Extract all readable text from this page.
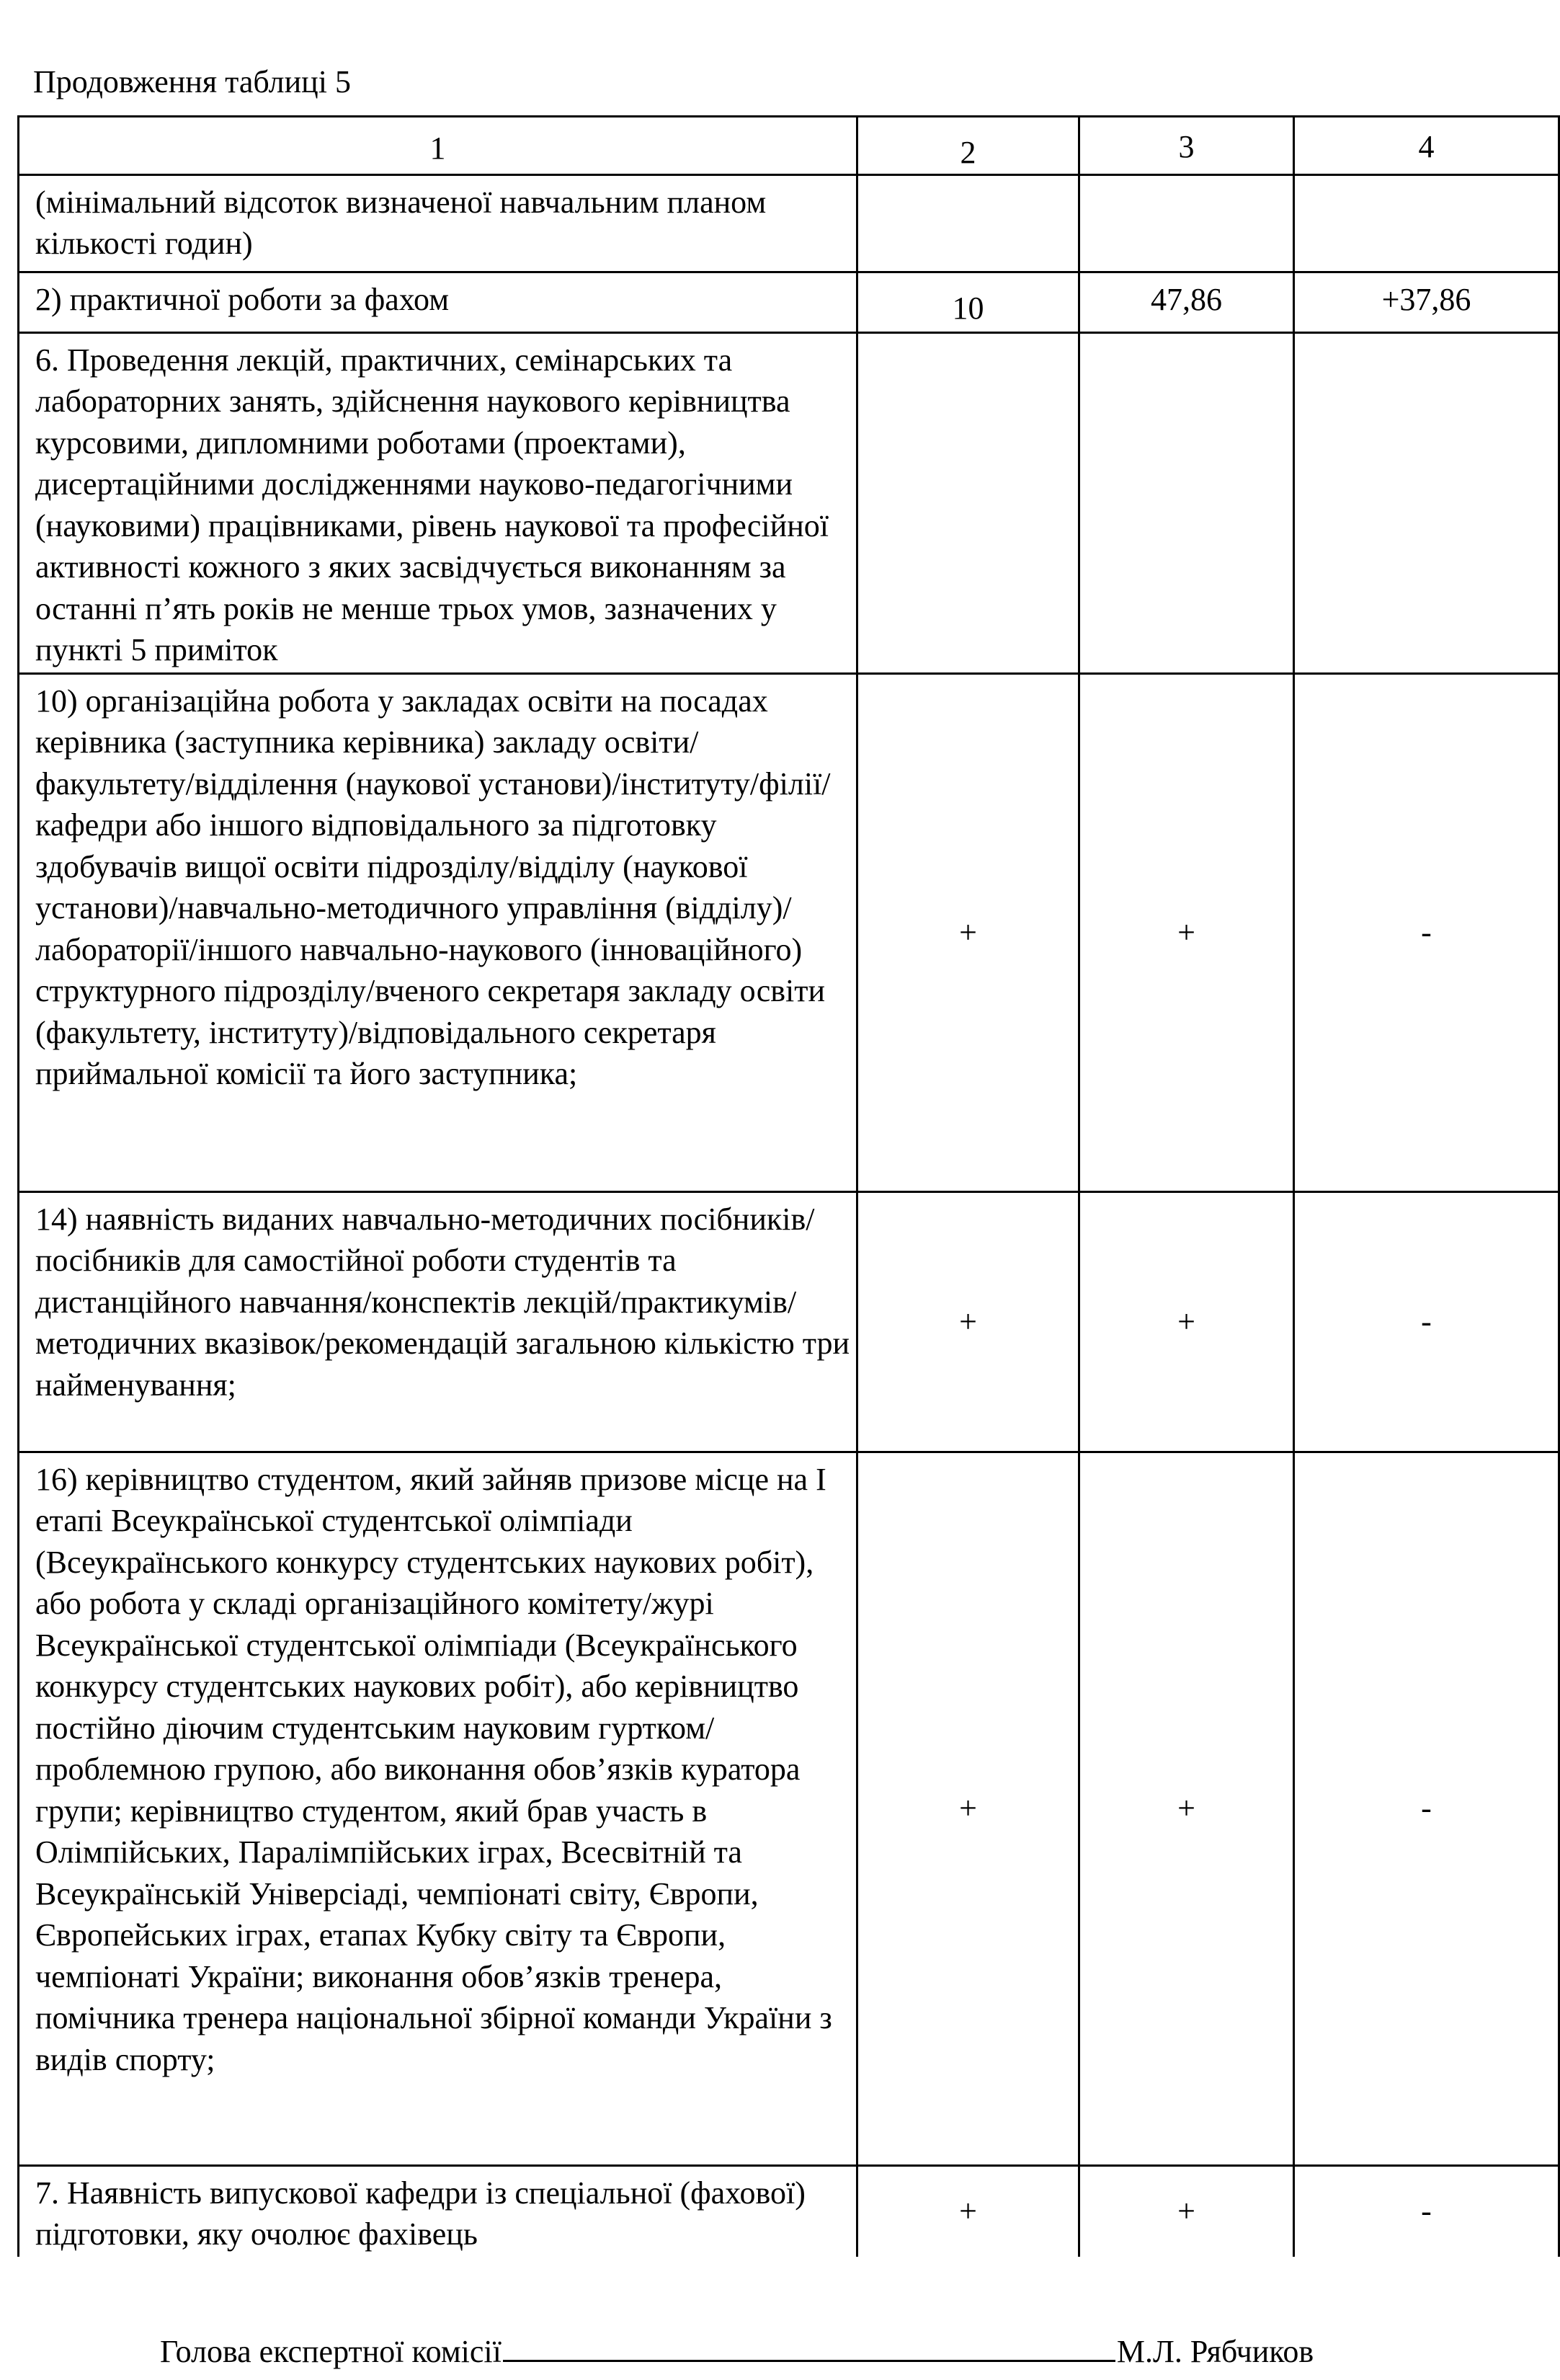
Продовження таблиці 5
1	2	3	4
(мінімальний відсоток визначеної навчальним планом кількості годин)			
2) практичної роботи за фахом	10	47,86	+37,86
6. Проведення лекцій, практичних, семінарських та лабораторних занять, здійснення наукового керівництва курсовими, дипломними роботами (проектами), дисертаційними дослідженнями науково-педагогічними (науковими) працівниками, рівень наукової та професійної активності кожного з яких засвідчується виконанням за останні п’ять років не менше трьох умов, зазначених у пункті 5 приміток			
10) організаційна робота у закладах освіти на посадах керівника (заступника керівника) закладу освіти/факультету/відділення (наукової установи)/інституту/філії/кафедри або іншого відповідального за підготовку здобувачів вищої освіти підрозділу/відділу (наукової установи)/навчально-методичного управління (відділу)/лабораторії/іншого навчально-наукового (інноваційного) структурного підрозділу/вченого секретаря закладу освіти (факультету, інституту)/відповідального секретаря приймальної комісії та його заступника;	+	+	-
14) наявність виданих навчально-методичних посібників/посібників для самостійної роботи студентів та дистанційного навчання/конспектів лекцій/практикумів/методичних вказівок/рекомендацій загальною кількістю три найменування;	+	+	-
16) керівництво студентом, який зайняв призове місце на I етапі Всеукраїнської студентської олімпіади (Всеукраїнського конкурсу студентських наукових робіт), або робота у складі організаційного комітету/журі Всеукраїнської студентської олімпіади (Всеукраїнського конкурсу студентських наукових робіт), або керівництво постійно діючим студентським науковим гуртком/проблемною групою, або виконання обов’язків куратора групи; керівництво студентом, який брав участь в Олімпійських, Паралімпійських іграх, Всесвітній та Всеукраїнській Універсіаді, чемпіонаті світу, Європи, Європейських іграх, етапах Кубку світу та Європи, чемпіонаті України; виконання обов’язків тренера, помічника тренера національної збірної команди України з видів спорту;	+	+	-
7. Наявність випускової кафедри із спеціальної (фахової) підготовки, яку очолює фахівець	+	+	-
Голова експертної комісії	М.Л. Рябчиков
